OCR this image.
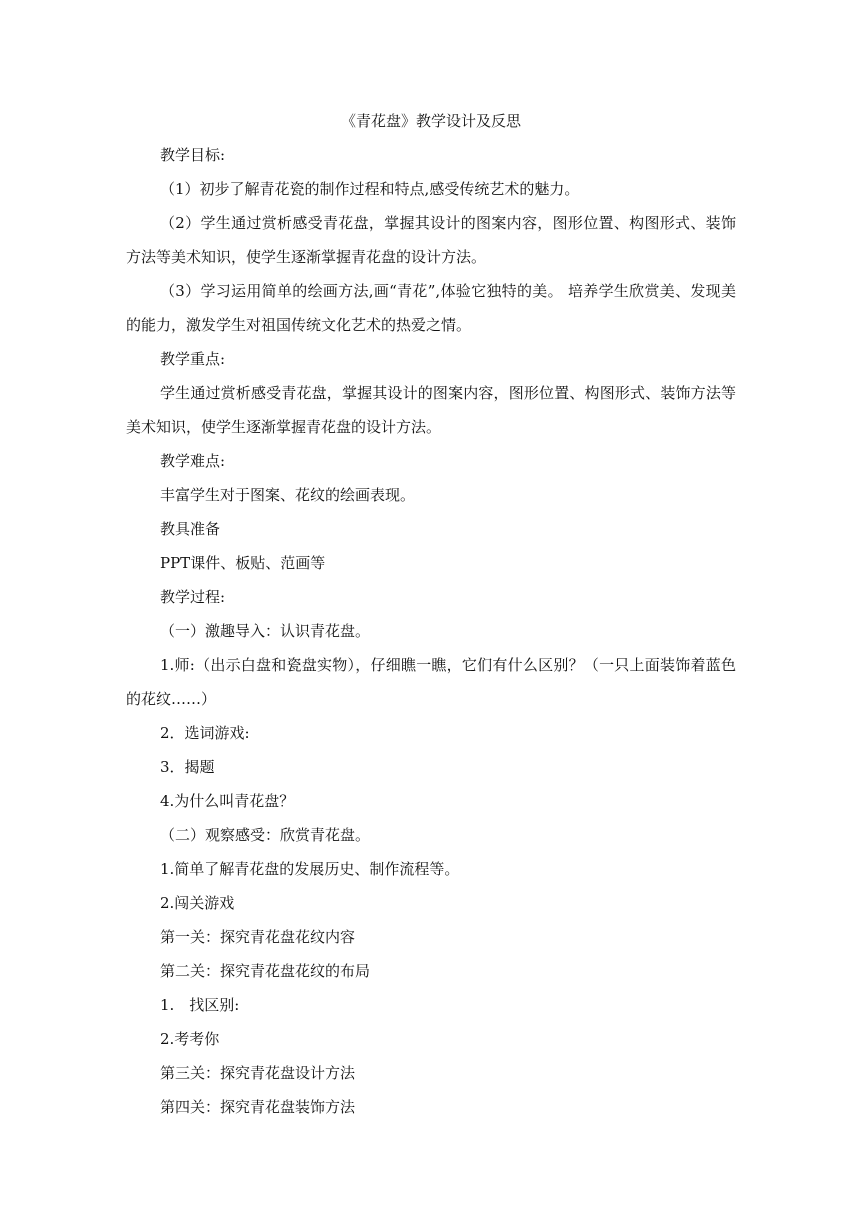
《青花盘》教学设计及反思

教学目标:

（1）初步了解青花瓷的制作过程和特点,感受传统艺术的魅力。

（2）学生通过赏析感受青花盘，掌握其设计的图案内容，图形位置、构图形式、装饰方法等美术知识，使学生逐渐掌握青花盘的设计方法。

（3）学习运用简单的绘画方法,画“青花”,体验它独特的美。 培养学生欣赏美、发现美的能力，激发学生对祖国传统文化艺术的热爱之情。

教学重点:

学生通过赏析感受青花盘，掌握其设计的图案内容，图形位置、构图形式、装饰方法等美术知识，使学生逐渐掌握青花盘的设计方法。

教学难点:

丰富学生对于图案、花纹的绘画表现。

教具准备

PPT课件、板贴、范画等

教学过程:

（一）激趣导入：认识青花盘。

1.师:（出示白盘和瓷盘实物），仔细瞧一瞧，它们有什么区别？（一只上面装饰着蓝色的花纹……）

2．选词游戏:

3．揭题

4.为什么叫青花盘？

（二）观察感受：欣赏青花盘。

1.简单了解青花盘的发展历史、制作流程等。

2.闯关游戏

第一关：探究青花盘花纹内容

第二关：探究青花盘花纹的布局

1.　找区别:

2.考考你

第三关：探究青花盘设计方法

第四关：探究青花盘装饰方法
